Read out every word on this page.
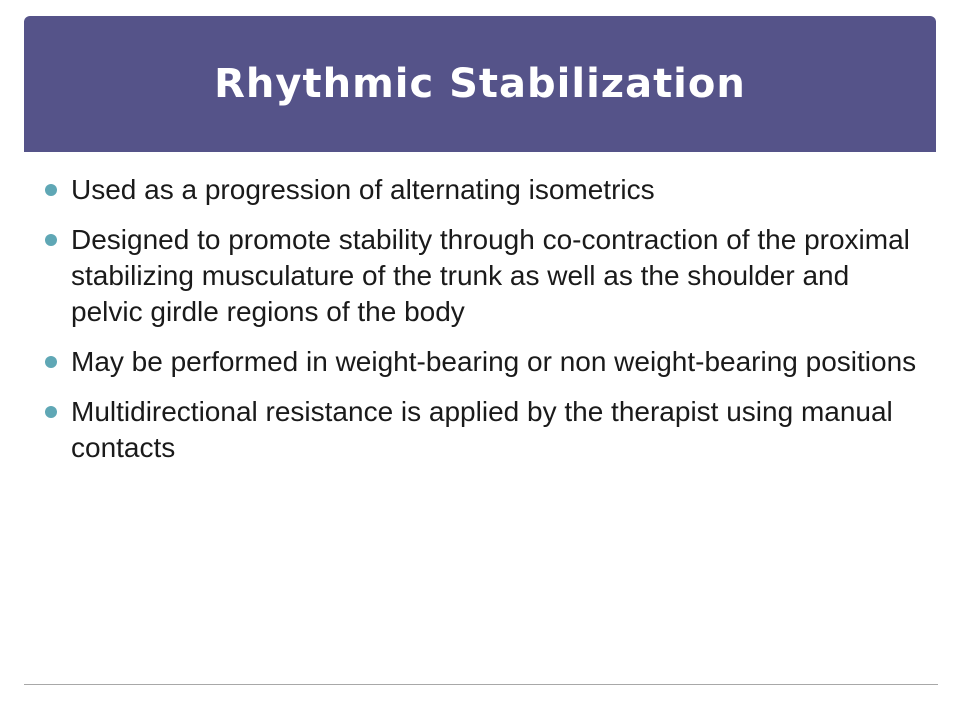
Rhythmic Stabilization
Used as a progression of alternating isometrics
Designed to promote stability through co-contraction of the proximal stabilizing musculature of the trunk as well as the shoulder and pelvic girdle regions of the body
May be performed in weight-bearing or non weight-bearing positions
Multidirectional resistance is applied by the therapist using manual contacts
